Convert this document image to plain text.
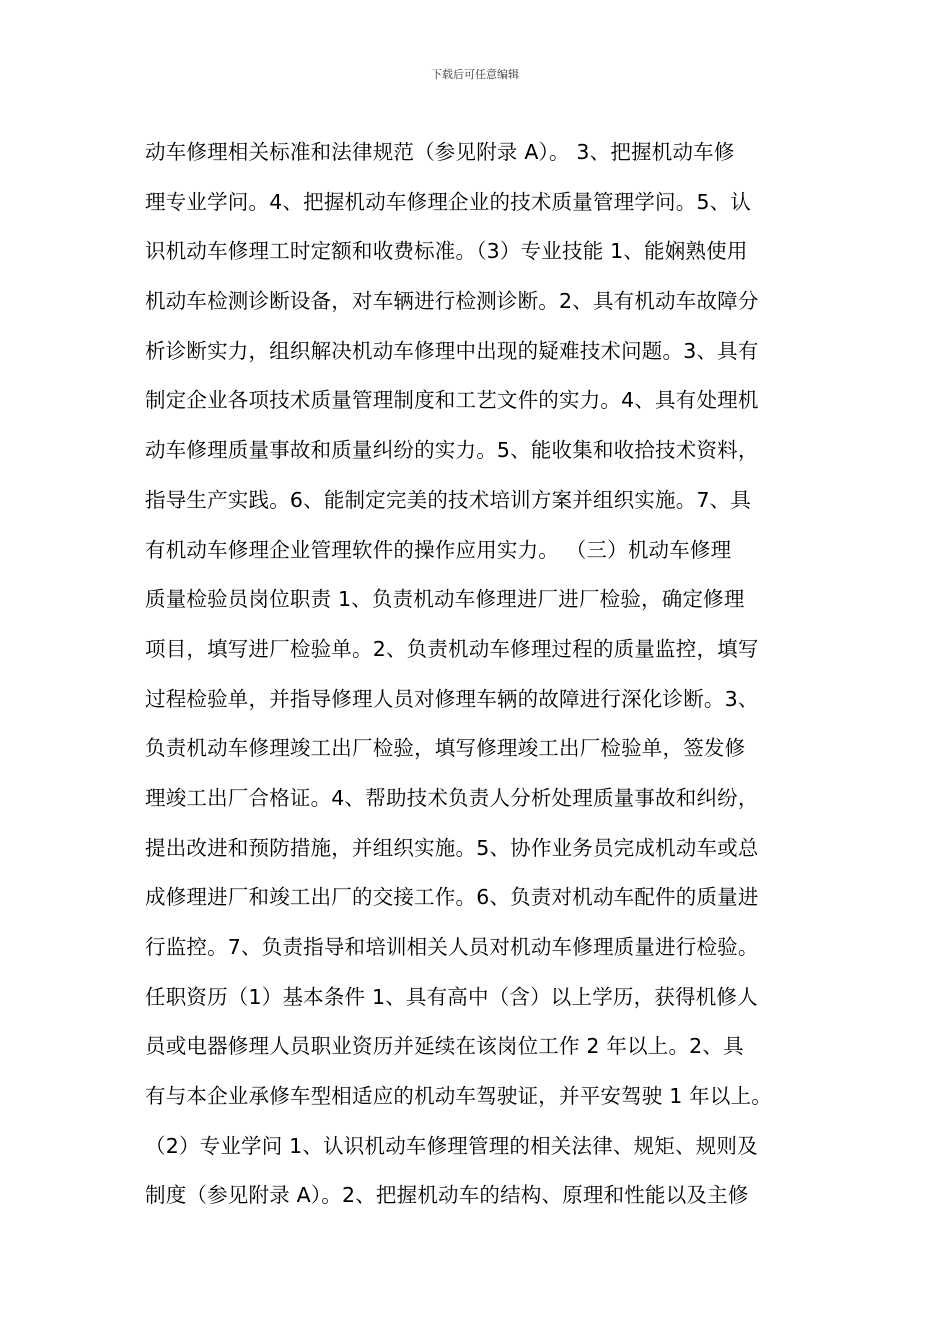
下载后可任意编辑
动车修理相关标准和法律规范（参见附录 A）。 3、把握机动车修
理专业学问。4、把握机动车修理企业的技术质量管理学问。5、认
识机动车修理工时定额和收费标准。（3）专业技能 1、能娴熟使用
机动车检测诊断设备，对车辆进行检测诊断。2、具有机动车故障分
析诊断实力，组织解决机动车修理中出现的疑难技术问题。3、具有
制定企业各项技术质量管理制度和工艺文件的实力。4、具有处理机
动车修理质量事故和质量纠纷的实力。5、能收集和收拾技术资料，
指导生产实践。6、能制定完美的技术培训方案并组织实施。7、具
有机动车修理企业管理软件的操作应用实力。 （三）机动车修理
质量检验员岗位职责 1、负责机动车修理进厂进厂检验，确定修理
项目，填写进厂检验单。2、负责机动车修理过程的质量监控，填写
过程检验单，并指导修理人员对修理车辆的故障进行深化诊断。3、
负责机动车修理竣工出厂检验，填写修理竣工出厂检验单，签发修
理竣工出厂合格证。4、帮助技术负责人分析处理质量事故和纠纷，
提出改进和预防措施，并组织实施。5、协作业务员完成机动车或总
成修理进厂和竣工出厂的交接工作。6、负责对机动车配件的质量进
行监控。7、负责指导和培训相关人员对机动车修理质量进行检验。
任职资历（1）基本条件 1、具有高中（含）以上学历，获得机修人
员或电器修理人员职业资历并延续在该岗位工作 2 年以上。2、具
有与本企业承修车型相适应的机动车驾驶证，并平安驾驶 1 年以上。
（2）专业学问 1、认识机动车修理管理的相关法律、规矩、规则及
制度（参见附录 A）。2、把握机动车的结构、原理和性能以及主修
